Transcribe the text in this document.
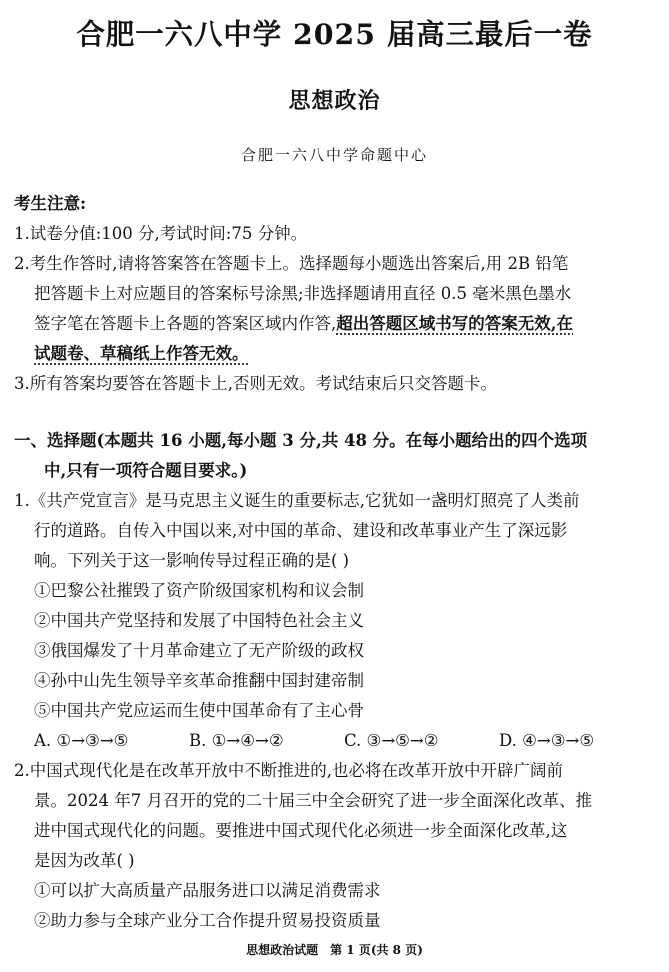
合肥一六八中学 2025 届高三最后一卷
思想政治
合肥一六八中学命题中心
考生注意:
1.试卷分值:100 分,考试时间:75 分钟。
2.考生作答时,请将答案答在答题卡上。选择题每小题选出答案后,用 2B 铅笔
把答题卡上对应题目的答案标号涂黑;非选择题请用直径 0.5 毫米黑色墨水
签字笔在答题卡上各题的答案区域内作答,超出答题区域书写的答案无效,在
试题卷、草稿纸上作答无效。
3.所有答案均要答在答题卡上,否则无效。考试结束后只交答题卡。
一、选择题(本题共 16 小题,每小题 3 分,共 48 分。在每小题给出的四个选项
中,只有一项符合题目要求。)
1.《共产党宣言》是马克思主义诞生的重要标志,它犹如一盏明灯照亮了人类前
行的道路。自传入中国以来,对中国的革命、建设和改革事业产生了深远影
响。下列关于这一影响传导过程正确的是( )
①巴黎公社摧毁了资产阶级国家机构和议会制
②中国共产党坚持和发展了中国特色社会主义
③俄国爆发了十月革命建立了无产阶级的政权
④孙中山先生领导辛亥革命推翻中国封建帝制
⑤中国共产党应运而生使中国革命有了主心骨
A. ①→③→⑤	B. ①→④→②	C. ③→⑤→②	D. ④→③→⑤
2.中国式现代化是在改革开放中不断推进的,也必将在改革开放中开辟广阔前
景。2024 年7 月召开的党的二十届三中全会研究了进一步全面深化改革、推
进中国式现代化的问题。要推进中国式现代化必须进一步全面深化改革,这
是因为改革( )
①可以扩大高质量产品服务进口以满足消费需求
②助力参与全球产业分工合作提升贸易投资质量
思想政治试题　第 1 页(共 8 页)
